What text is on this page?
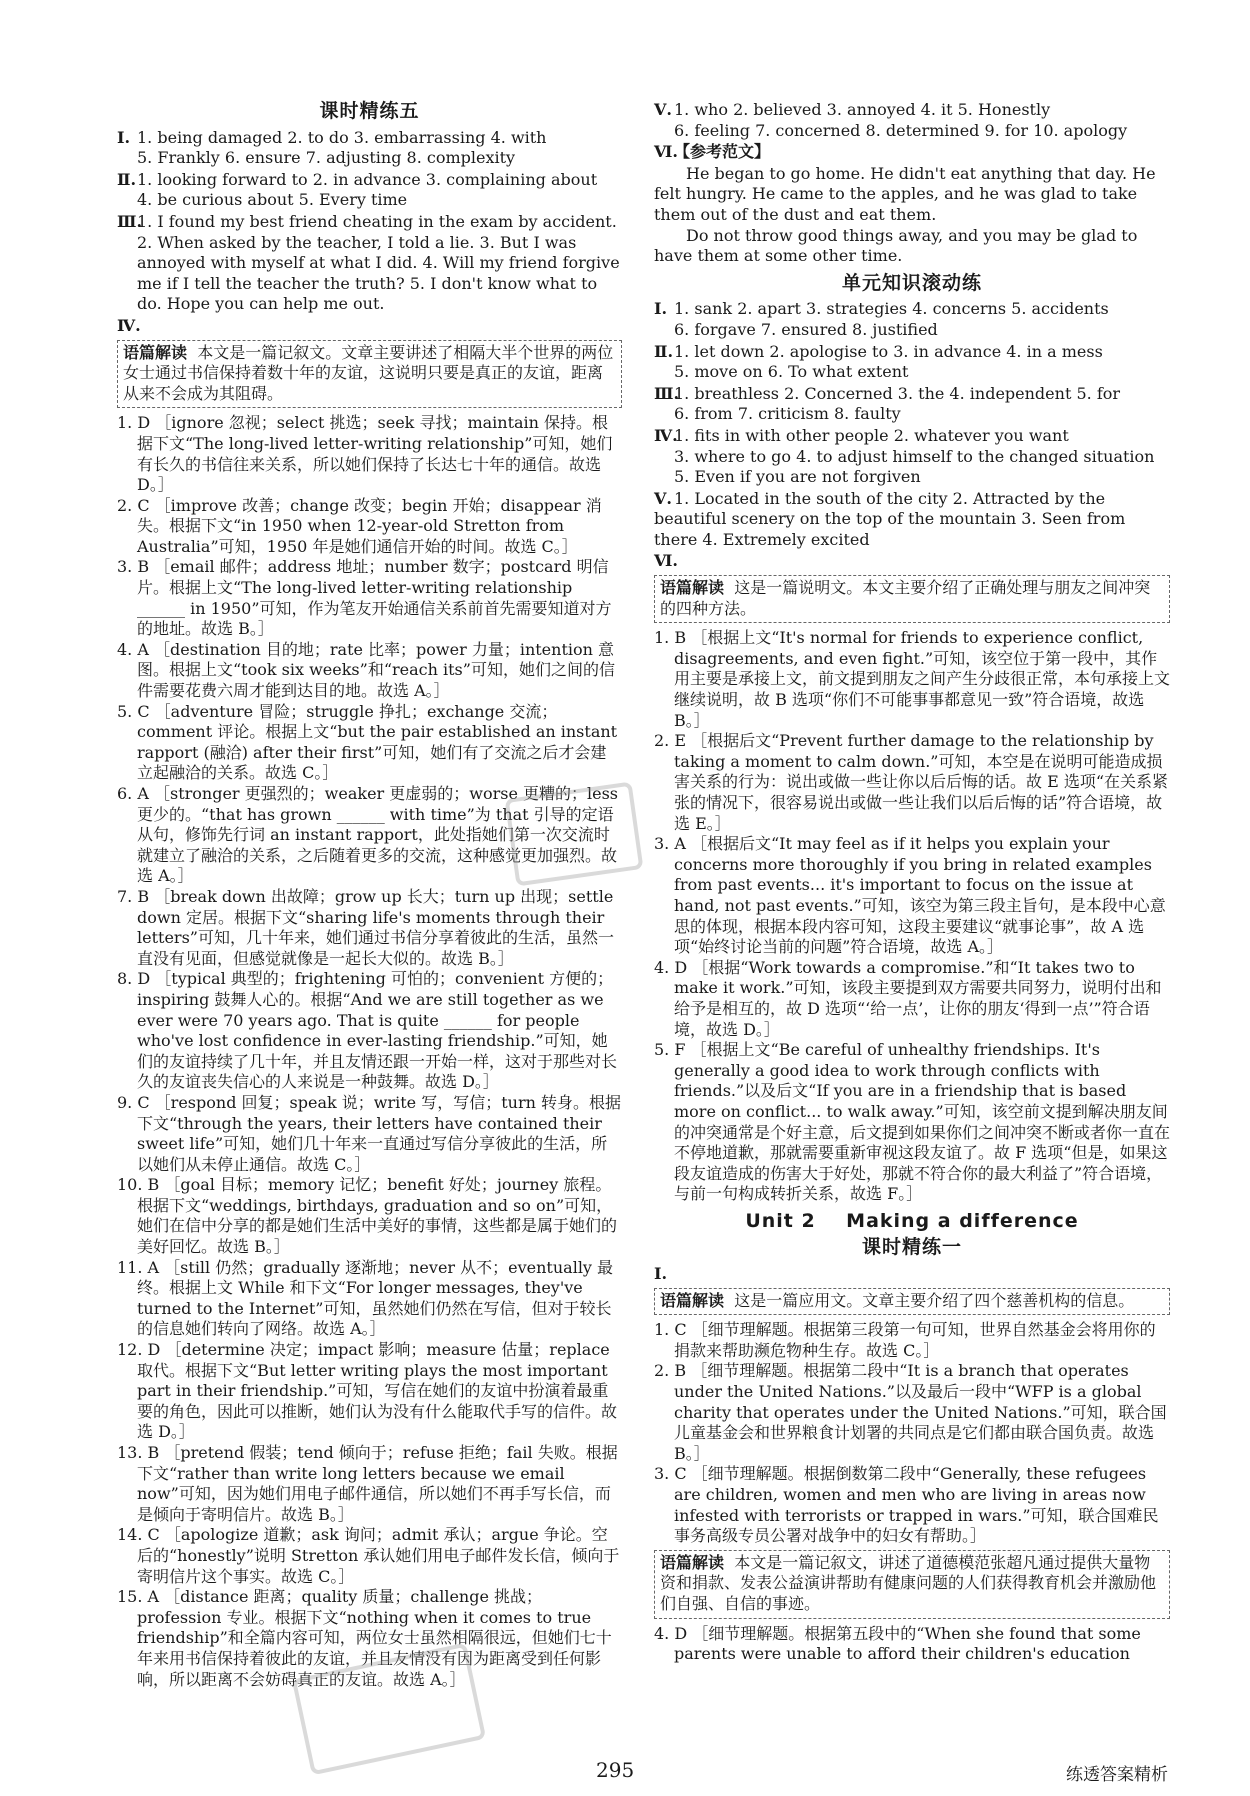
课时精练五
Ⅰ. 1. being damaged 2. to do 3. embarrassing 4. with
5. Frankly 6. ensure 7. adjusting 8. complexity
Ⅱ.1. looking forward to 2. in advance 3. complaining about
4. be curious about 5. Every time
Ⅲ.1. I found my best friend cheating in the exam by accident.
2. When asked by the teacher, I told a lie. 3. But I was annoyed with myself at what I did. 4. Will my friend forgive me if I tell the teacher the truth? 5. I don't know what to do. Hope you can help me out.
Ⅳ.
语篇解读 本文是一篇记叙文。文章主要讲述了相隔大半个世界的两位女士通过书信保持着数十年的友谊，这说明只要是真正的友谊，距离从来不会成为其阻碍。

1. D ［ignore 忽视；select 挑选；seek 寻找；maintain 保持。根据下文“The long-lived letter-writing relationship”可知，她们有长久的书信往来关系，所以她们保持了长达七十年的通信。故选 D。］

2. C ［improve 改善；change 改变；begin 开始；disappear 消失。根据下文“in 1950 when 12-year-old Stretton from Australia”可知，1950 年是她们通信开始的时间。故选 C。］

3. B ［email 邮件；address 地址；number 数字；postcard 明信片。根据上文“The long-lived letter-writing relationship ______ in 1950”可知，作为笔友开始通信关系前首先需要知道对方的地址。故选 B。］

4. A ［destination 目的地；rate 比率；power 力量；intention 意图。根据上文“took six weeks”和“reach its”可知，她们之间的信件需要花费六周才能到达目的地。故选 A。］

5. C ［adventure 冒险；struggle 挣扎；exchange 交流；comment 评论。根据上文“but the pair established an instant rapport (融洽) after their first”可知，她们有了交流之后才会建立起融洽的关系。故选 C。］

6. A ［stronger 更强烈的；weaker 更虚弱的；worse 更糟的；less 更少的。“that has grown ______ with time”为 that 引导的定语从句，修饰先行词 an instant rapport，此处指她们第一次交流时就建立了融洽的关系，之后随着更多的交流，这种感觉更加强烈。故选 A。］

7. B ［break down 出故障；grow up 长大；turn up 出现；settle down 定居。根据下文“sharing life's moments through their letters”可知，几十年来，她们通过书信分享着彼此的生活，虽然一直没有见面，但感觉就像是一起长大似的。故选 B。］

8. D ［typical 典型的；frightening 可怕的；convenient 方便的；inspiring 鼓舞人心的。根据“And we are still together as we ever were 70 years ago. That is quite ______ for people who've lost confidence in ever-lasting friendship.”可知，她们的友谊持续了几十年，并且友情还跟一开始一样，这对于那些对长久的友谊丧失信心的人来说是一种鼓舞。故选 D。］

9. C ［respond 回复；speak 说；write 写，写信；turn 转身。根据下文“through the years, their letters have contained their sweet life”可知，她们几十年来一直通过写信分享彼此的生活，所以她们从未停止通信。故选 C。］

10. B ［goal 目标；memory 记忆；benefit 好处；journey 旅程。根据下文“weddings, birthdays, graduation and so on”可知，她们在信中分享的都是她们生活中美好的事情，这些都是属于她们的美好回忆。故选 B。］

11. A ［still 仍然；gradually 逐渐地；never 从不；eventually 最终。根据上文 While 和下文“For longer messages, they've turned to the Internet”可知，虽然她们仍然在写信，但对于较长的信息她们转向了网络。故选 A。］

12. D ［determine 决定；impact 影响；measure 估量；replace 取代。根据下文“But letter writing plays the most important part in their friendship.”可知，写信在她们的友谊中扮演着最重要的角色，因此可以推断，她们认为没有什么能取代手写的信件。故选 D。］

13. B ［pretend 假装；tend 倾向于；refuse 拒绝；fail 失败。根据下文“rather than write long letters because we email now”可知，因为她们用电子邮件通信，所以她们不再手写长信，而是倾向于寄明信片。故选 B。］

14. C ［apologize 道歉；ask 询问；admit 承认；argue 争论。空后的“honestly”说明 Stretton 承认她们用电子邮件发长信，倾向于寄明信片这个事实。故选 C。］

15. A ［distance 距离；quality 质量；challenge 挑战；profession 专业。根据下文“nothing when it comes to true friendship”和全篇内容可知，两位女士虽然相隔很远，但她们七十年来用书信保持着彼此的友谊，并且友情没有因为距离受到任何影响，所以距离不会妨碍真正的友谊。故选 A。］

Ⅴ. 1. who 2. believed 3. annoyed 4. it 5. Honestly
6. feeling 7. concerned 8. determined 9. for 10. apology
Ⅵ.【参考范文】

He began to go home. He didn't eat anything that day. He felt hungry. He came to the apples, and he was glad to take them out of the dust and eat them.

Do not throw good things away, and you may be glad to have them at some other time.

单元知识滚动练
Ⅰ. 1. sank 2. apart 3. strategies 4. concerns 5. accidents
6. forgave 7. ensured 8. justified
Ⅱ.1. let down 2. apologise to 3. in advance 4. in a mess
5. move on 6. To what extent
Ⅲ.1. breathless 2. Concerned 3. the 4. independent 5. for
6. from 7. criticism 8. faulty
Ⅳ.1. fits in with other people 2. whatever you want
3. where to go 4. to adjust himself to the changed situation
5. Even if you are not forgiven
Ⅴ. 1. Located in the south of the city 2. Attracted by the beautiful scenery on the top of the mountain 3. Seen from there 4. Extremely excited
Ⅵ.
语篇解读 这是一篇说明文。本文主要介绍了正确处理与朋友之间冲突的四种方法。

1. B ［根据上文“It's normal for friends to experience conflict, disagreements, and even fight.”可知，该空位于第一段中，其作用主要是承接上文，前文提到朋友之间产生分歧很正常，本句承接上文继续说明，故 B 选项“你们不可能事事都意见一致”符合语境，故选 B。］

2. E ［根据后文“Prevent further damage to the relationship by taking a moment to calm down.”可知，本空是在说明可能造成损害关系的行为：说出或做一些让你以后后悔的话。故 E 选项“在关系紧张的情况下，很容易说出或做一些让我们以后后悔的话”符合语境，故选 E。］

3. A ［根据后文“It may feel as if it helps you explain your concerns more thoroughly if you bring in related examples from past events... it's important to focus on the issue at hand, not past events.”可知，该空为第三段主旨句，是本段中心意思的体现，根据本段内容可知，这段主要建议“就事论事”，故 A 选项“始终讨论当前的问题”符合语境，故选 A。］

4. D ［根据“Work towards a compromise.”和“It takes two to make it work.”可知，该段主要提到双方需要共同努力，说明付出和给予是相互的，故 D 选项“‘给一点’，让你的朋友‘得到一点’”符合语境，故选 D。］

5. F ［根据上文“Be careful of unhealthy friendships. It's generally a good idea to work through conflicts with friends.”以及后文“If you are in a friendship that is based more on conflict... to walk away.”可知，该空前文提到解决朋友间的冲突通常是个好主意，后文提到如果你们之间冲突不断或者你一直在不停地道歉，那就需要重新审视这段友谊了。故 F 选项“但是，如果这段友谊造成的伤害大于好处，那就不符合你的最大利益了”符合语境，与前一句构成转折关系，故选 F。］

Unit 2    Making a difference
课时精练一
Ⅰ.
语篇解读 这是一篇应用文。文章主要介绍了四个慈善机构的信息。

1. C ［细节理解题。根据第三段第一句可知，世界自然基金会将用你的捐款来帮助濒危物种生存。故选 C。］

2. B ［细节理解题。根据第二段中“It is a branch that operates under the United Nations.”以及最后一段中“WFP is a global charity that operates under the United Nations.”可知，联合国儿童基金会和世界粮食计划署的共同点是它们都由联合国负责。故选 B。］

3. C ［细节理解题。根据倒数第二段中“Generally, these refugees are children, women and men who are living in areas now infested with terrorists or trapped in wars.”可知，联合国难民事务高级专员公署对战争中的妇女有帮助。］

语篇解读 本文是一篇记叙文，讲述了道德模范张超凡通过提供大量物资和捐款、发表公益演讲帮助有健康问题的人们获得教育机会并激励他们自强、自信的事迹。

4. D ［细节理解题。根据第五段中的“When she found that some parents were unable to afford their children's education

295	练透答案精析
